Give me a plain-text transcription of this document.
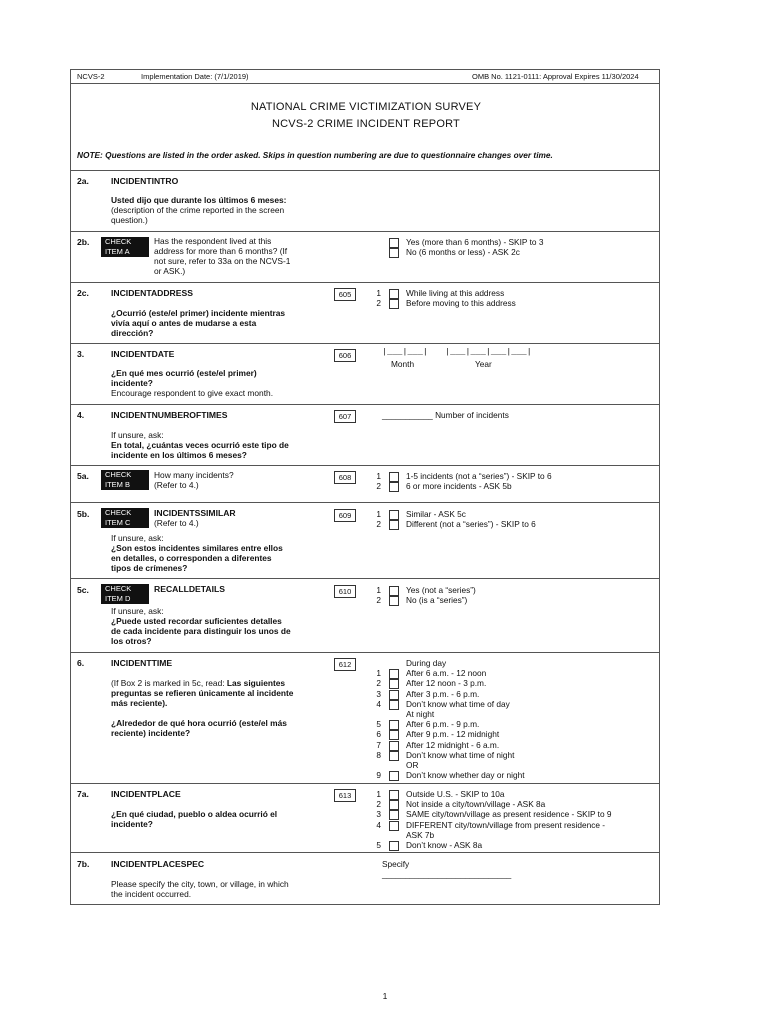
NCVS-2	Implementation Date: (7/1/2019)	OMB No. 1121-0111: Approval Expires 11/30/2024
NATIONAL CRIME VICTIMIZATION SURVEY
NCVS-2 CRIME INCIDENT REPORT
NOTE: Questions are listed in the order asked. Skips in question numbering are due to questionnaire changes over time.
2a.	INCIDENTINTRO
Usted dijo que durante los últimos 6 meses:
(description of the crime reported in the screen
question.)
2b. CHECK
ITEM A
Has the respondent lived at this
address for more than 6 months? (If
not sure, refer to 33a on the NCVS-1
or ASK.)
Yes (more than 6 months) - SKIP to 3
No (6 months or less) - ASK 2c
2c.	INCIDENTADDRESS	605	1	While living at this address
2	Before moving to this address
¿Ocurrió (este/el primer) incidente mientras
vivía aquí o antes de mudarse a esta
dirección?
3.	INCIDENTDATE	606	|___|___| |___|___|___|___|
Month	Year
¿En qué mes ocurrió (este/el primer)
incidente?
Encourage respondent to give exact month.
4.	INCIDENTNUMBEROFTIMES	607	___________ Number of incidents
If unsure, ask:
En total, ¿cuántas veces ocurrió este tipo de
incidente en los últimos 6 meses?
5a. CHECK
ITEM B
How many incidents?
(Refer to 4.)
608	1	1-5 incidents (not a “series”) - SKIP to 6
2	6 or more incidents - ASK 5b
5b. CHECK
ITEM C
INCIDENTSSIMILAR
(Refer to 4.)
609	1	Similar - ASK 5c
2	Different (not a “series”) - SKIP to 6
If unsure, ask:
¿Son estos incidentes similares entre ellos
en detalles, o corresponden a diferentes
tipos de crímenes?
5c. CHECK
ITEM D
RECALLDETAILS	610	1	Yes (not a “series”)
2	No (is a “series”)
If unsure, ask:
¿Puede usted recordar suficientes detalles
de cada incidente para distinguir los unos de
los otros?
6.	INCIDENTTIME	612
(If Box 2 is marked in 5c, read: Las siguientes
preguntas se refieren únicamente al incidente
más reciente).
¿Alrededor de qué hora ocurrió (este/el más
reciente) incidente?
During day
1	After 6 a.m. - 12 noon
2	After 12 noon - 3 p.m.
3	After 3 p.m. - 6 p.m.
4	Don’t know what time of day
At night
5	After 6 p.m. - 9 p.m.
6	After 9 p.m. - 12 midnight
7	After 12 midnight - 6 a.m.
8	Don’t know what time of night
OR
9	Don’t know whether day or night
7a.	INCIDENTPLACE	613
¿En qué ciudad, pueblo o aldea ocurrió el
incidente?
1	Outside U.S. - SKIP to 10a
2	Not inside a city/town/village - ASK 8a
3	SAME city/town/village as present residence - SKIP to 9
4	DIFFERENT city/town/village from present residence -
ASK 7b
5	Don’t know - ASK 8a
7b.	INCIDENTPLACESPEC	Specify
____________________________
Please specify the city, town, or village, in which
the incident occurred.
1
